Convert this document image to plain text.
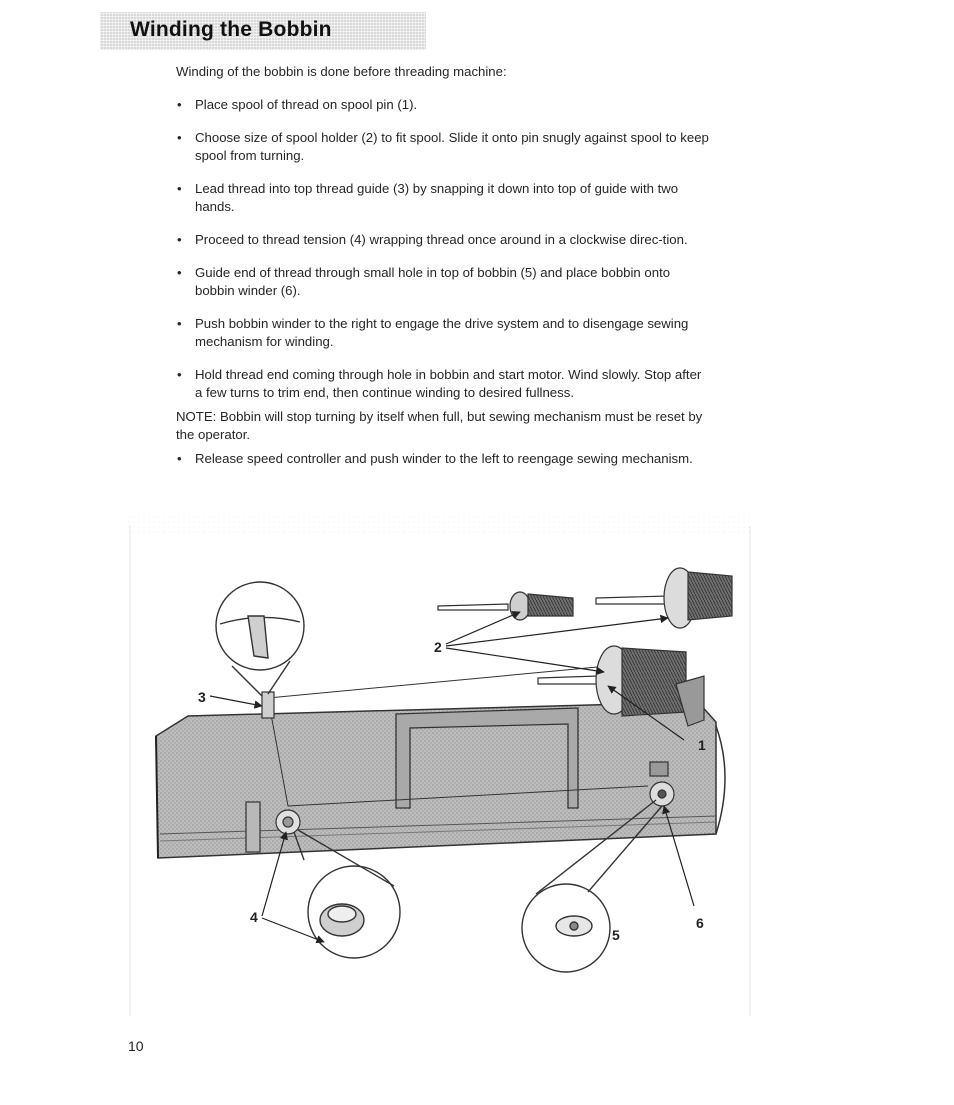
Winding the Bobbin

Winding of the bobbin is done before threading machine:

• Place spool of thread on spool pin (1).
• Choose size of spool holder (2) to fit spool. Slide it onto pin snugly against spool to keep spool from turning.
• Lead thread into top thread guide (3) by snapping it down into top of guide with two hands.
• Proceed to thread tension (4) wrapping thread once around in a clockwise direc-tion.
• Guide end of thread through small hole in top of bobbin (5) and place bobbin onto bobbin winder (6).
• Push bobbin winder to the right to engage the drive system and to disengage sewing mechanism for winding.
• Hold thread end coming through hole in bobbin and start motor. Wind slowly. Stop after a few turns to trim end, then continue winding to desired fullness.

NOTE: Bobbin will stop turning by itself when full, but sewing mechanism must be reset by the operator.

• Release speed controller and push winder to the left to reengage sewing mechanism.
1
2
3
4
5
6

10
